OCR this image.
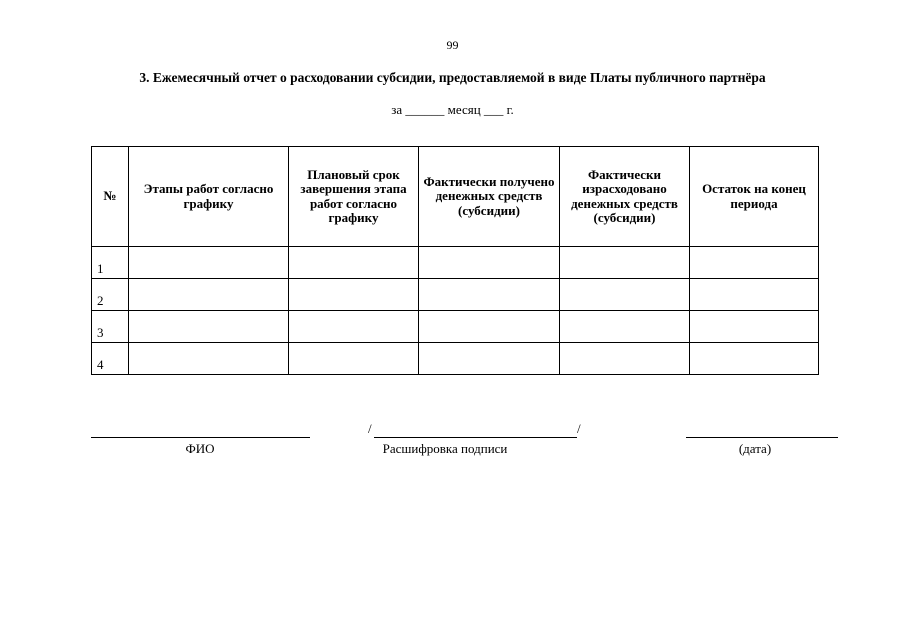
99
3. Ежемесячный отчет о расходовании субсидии, предоставляемой в виде Платы публичного партнёра
за ______ месяц ___ г.
№	Этапы работ согласно графику	Плановый срок завершения этапа работ согласно графику	Фактически получено денежных средств (субсидии)	Фактически израсходовано денежных средств (субсидии)	Остаток на конец периода
1					
2					
3					
4					
/	/
ФИО	Расшифровка подписи	(дата)
